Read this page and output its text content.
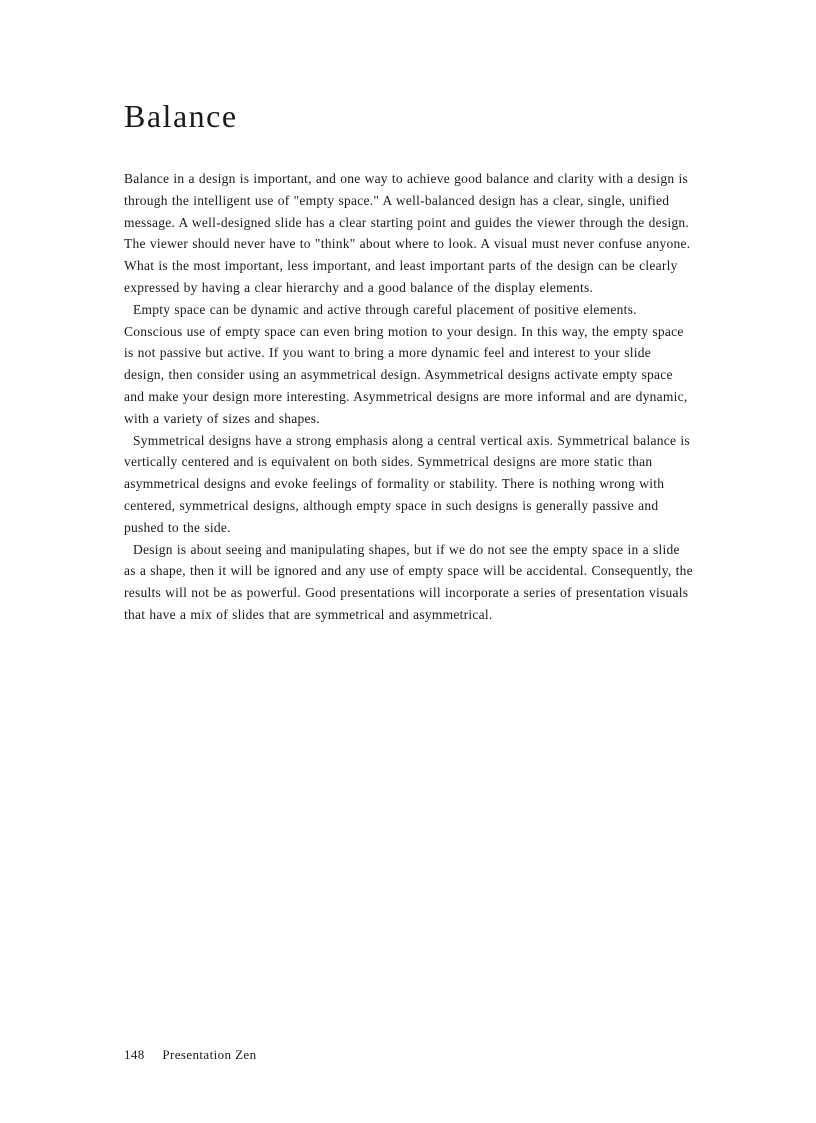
Balance

Balance in a design is important, and one way to achieve good balance and clarity with a design is through the intelligent use of "empty space." A well-balanced design has a clear, single, unified message. A well-designed slide has a clear starting point and guides the viewer through the design. The viewer should never have to "think" about where to look. A visual must never confuse anyone. What is the most important, less important, and least important parts of the design can be clearly expressed by having a clear hierarchy and a good balance of the display elements.

Empty space can be dynamic and active through careful placement of positive elements. Conscious use of empty space can even bring motion to your design. In this way, the empty space is not passive but active. If you want to bring a more dynamic feel and interest to your slide design, then consider using an asymmetrical design. Asymmetrical designs activate empty space and make your design more interesting. Asymmetrical designs are more informal and are dynamic, with a variety of sizes and shapes.

Symmetrical designs have a strong emphasis along a central vertical axis. Symmetrical balance is vertically centered and is equivalent on both sides. Symmetrical designs are more static than asymmetrical designs and evoke feelings of formality or stability. There is nothing wrong with centered, symmetrical designs, although empty space in such designs is generally passive and pushed to the side.

Design is about seeing and manipulating shapes, but if we do not see the empty space in a slide as a shape, then it will be ignored and any use of empty space will be accidental. Consequently, the results will not be as powerful. Good presentations will incorporate a series of presentation visuals that have a mix of slides that are symmetrical and asymmetrical.

148 Presentation Zen
